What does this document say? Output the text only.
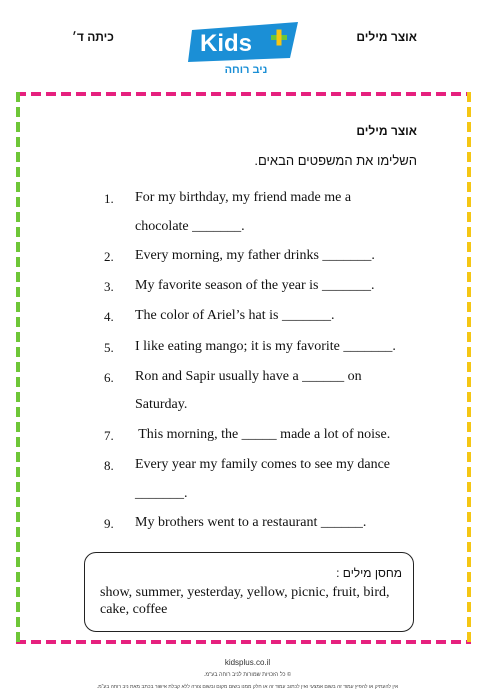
כיתה ד׳	אוצר מילים
Kids
ניב רוחה
אוצר מילים
השלימו את המשפטים הבאים.
1. For my birthday, my friend made me a
chocolate _______.
2. Every morning, my father drinks _______.
3. My favorite season of the year is _______.
4. The color of Ariel’s hat is _______.
5. I like eating mango; it is my favorite _______.
6. Ron and Sapir usually have a ______ on
Saturday.
7. This morning, the _____ made a lot of noise.
8. Every year my family comes to see my dance
_______.
9. My brothers went to a restaurant ______.
מחסן מילים :
show, summer, yesterday, yellow, picnic, fruit, bird, cake, coffee
kidsplus.co.il
© כל הזכויות שמורות לניב רוחה בע"מ.
אין להעתיק או להפיץ עמוד זה בשום אמצעי ואין לכתוב עמוד זה או חלק ממנו בשום מקום ובשום צורה ללא קבלת אישור בכתב מאת ניב רוחה בע"מ.
